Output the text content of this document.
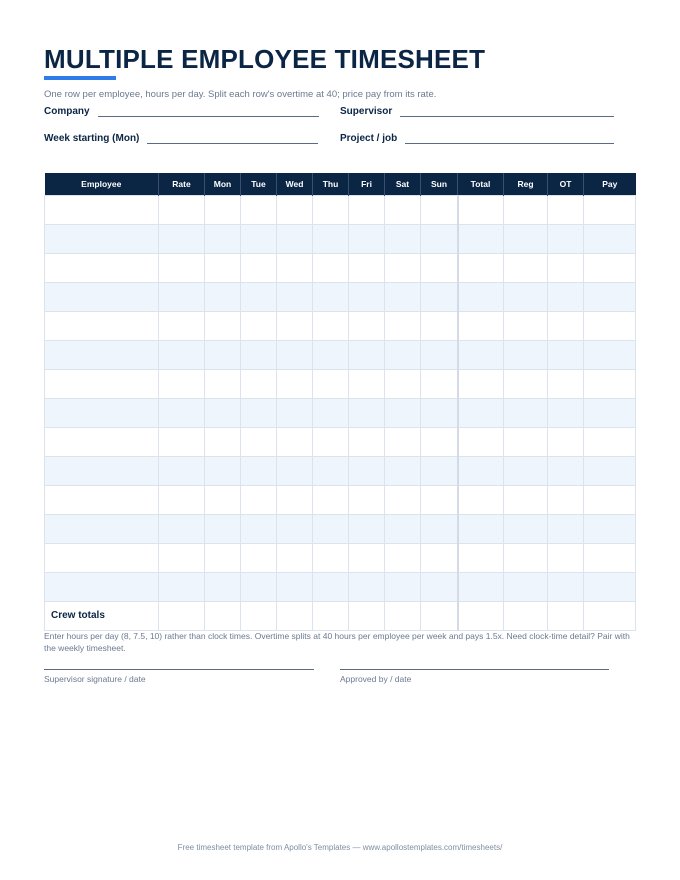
MULTIPLE EMPLOYEE TIMESHEET
One row per employee, hours per day. Split each row's overtime at 40; price pay from its rate.
Company	Supervisor
Week starting (Mon)	Project / job
Employee	Rate	Mon	Tue	Wed	Thu	Fri	Sat	Sun	Total	Reg	OT	Pay

Crew totals												
Enter hours per day (8, 7.5, 10) rather than clock times. Overtime splits at 40 hours per employee per week and pays 1.5x. Need clock-time detail? Pair with the weekly timesheet.
Supervisor signature / date	Approved by / date
Free timesheet template from Apollo's Templates — www.apollostemplates.com/timesheets/
